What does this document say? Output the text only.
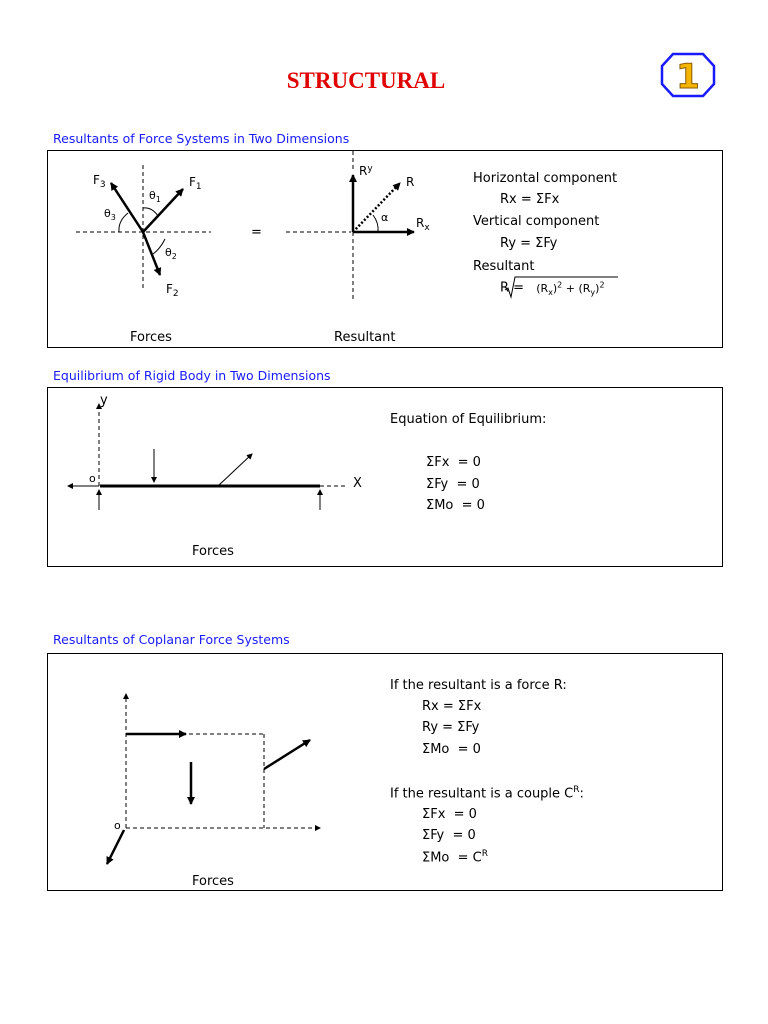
STRUCTURAL	1
Resultants of Force Systems in Two Dimensions
$F_3$	$F_1$
$F_2$
$\theta_1$
$\theta_3$
$\theta_2$
=
$R^y$
R
$R_x$
α
Forces	Resultant
Horizontal component
Rx = ΣFx
Vertical component
Ry = ΣFy
Resultant
$R = (R_x)^2 + (R_y)^2$
Equilibrium of Rigid Body in Two Dimensions
y
X
o
Forces
Equation of Equilibrium:
ΣFx  = 0
ΣFy  = 0
ΣMo  = 0
Resultants of Coplanar Force Systems
o
Forces
If the resultant is a force R:
Rx = ΣFx
Ry = ΣFy
ΣMo  = 0
If the resultant is a couple $C^R$:
ΣFx  = 0
ΣFy  = 0
$\Sigma Mo = C^R$
